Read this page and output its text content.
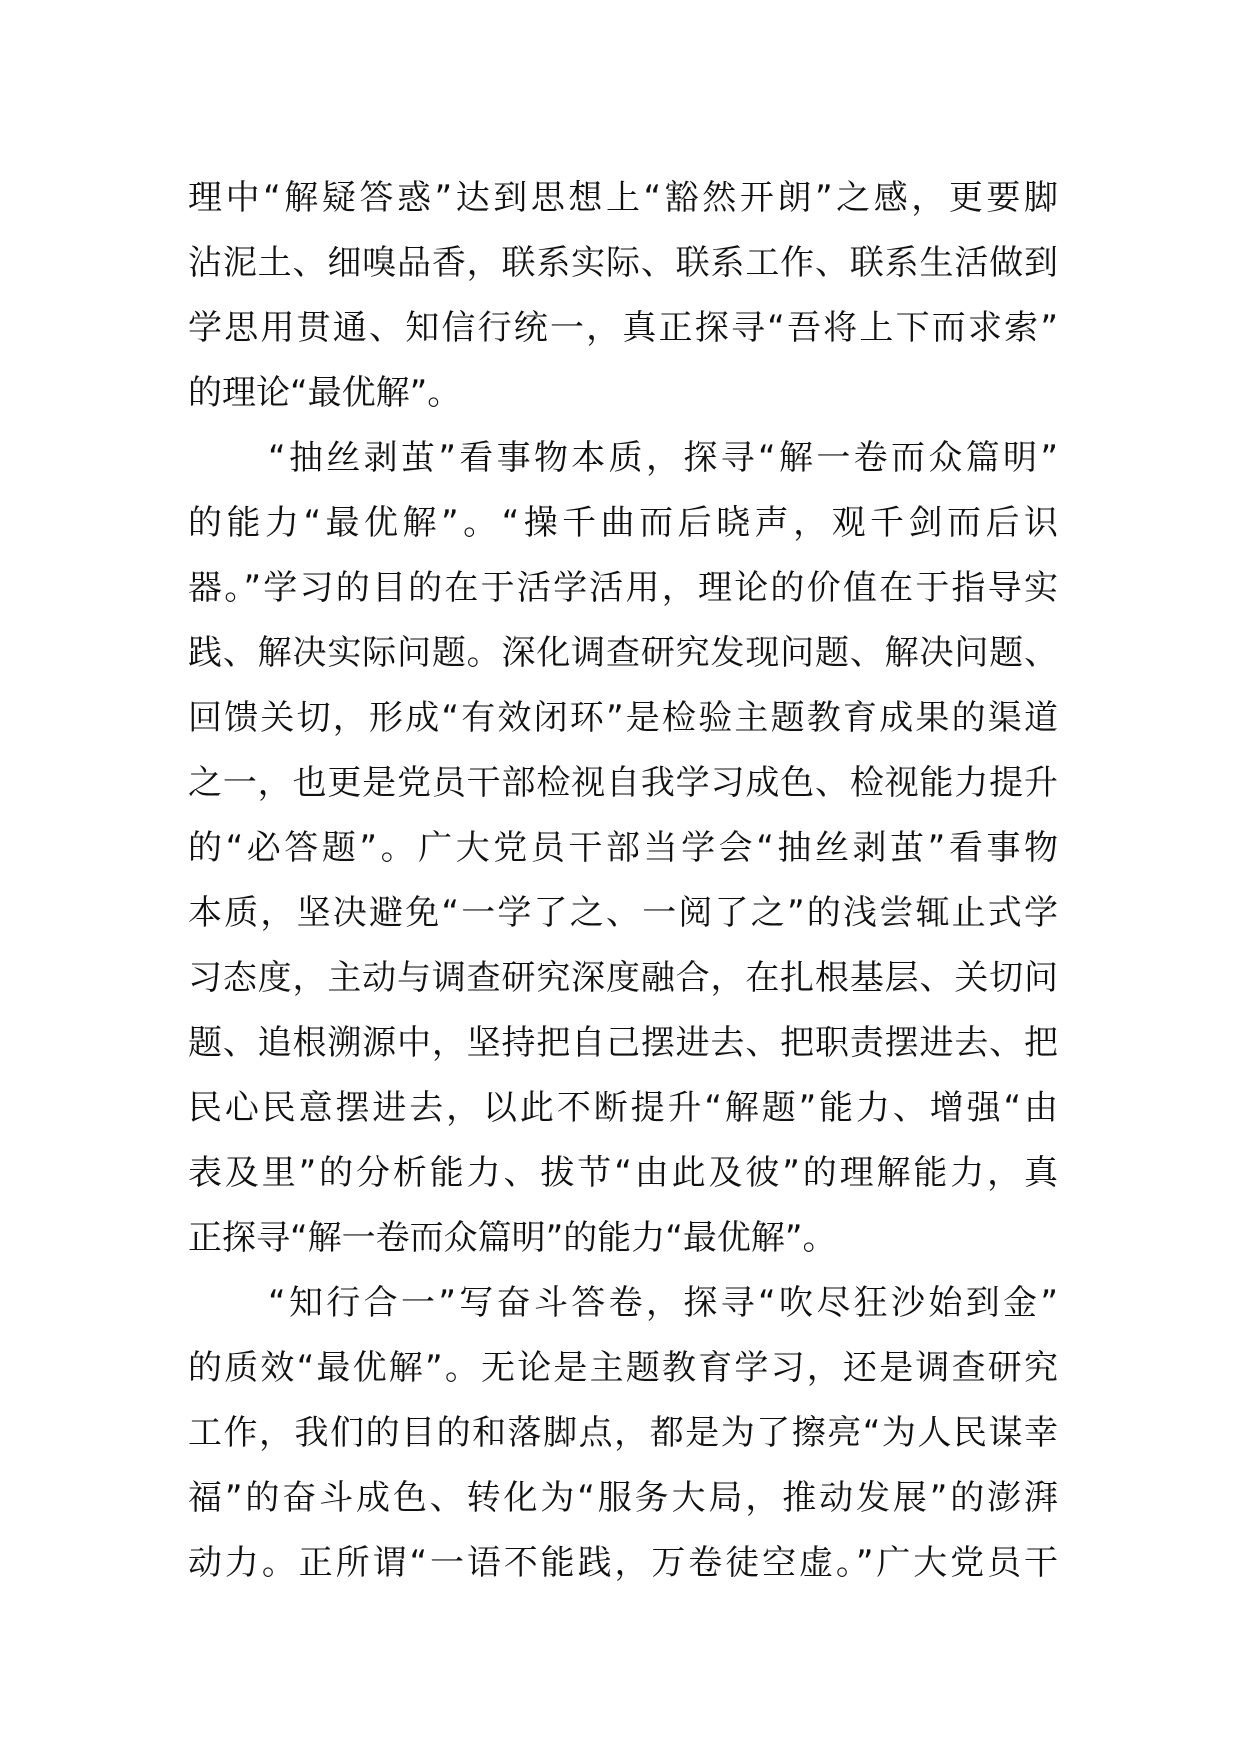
理中“解疑答惑”达到思想上“豁然开朗”之感，更要脚
沾泥土、细嗅品香，联系实际、联系工作、联系生活做到
学思用贯通、知信行统一，真正探寻“吾将上下而求索”
的理论“最优解”。
“抽丝剥茧”看事物本质，探寻“解一卷而众篇明”
的能力“最优解”。“操千曲而后晓声，观千剑而后识
器。”学习的目的在于活学活用，理论的价值在于指导实
践、解决实际问题。深化调查研究发现问题、解决问题、
回馈关切，形成“有效闭环”是检验主题教育成果的渠道
之一，也更是党员干部检视自我学习成色、检视能力提升
的“必答题”。广大党员干部当学会“抽丝剥茧”看事物
本质，坚决避免“一学了之、一阅了之”的浅尝辄止式学
习态度，主动与调查研究深度融合，在扎根基层、关切问
题、追根溯源中，坚持把自己摆进去、把职责摆进去、把
民心民意摆进去，以此不断提升“解题”能力、增强“由
表及里”的分析能力、拔节“由此及彼”的理解能力，真
正探寻“解一卷而众篇明”的能力“最优解”。
“知行合一”写奋斗答卷，探寻“吹尽狂沙始到金”
的质效“最优解”。无论是主题教育学习，还是调查研究
工作，我们的目的和落脚点，都是为了擦亮“为人民谋幸
福”的奋斗成色、转化为“服务大局，推动发展”的澎湃
动力。正所谓“一语不能践，万卷徒空虚。”广大党员干
